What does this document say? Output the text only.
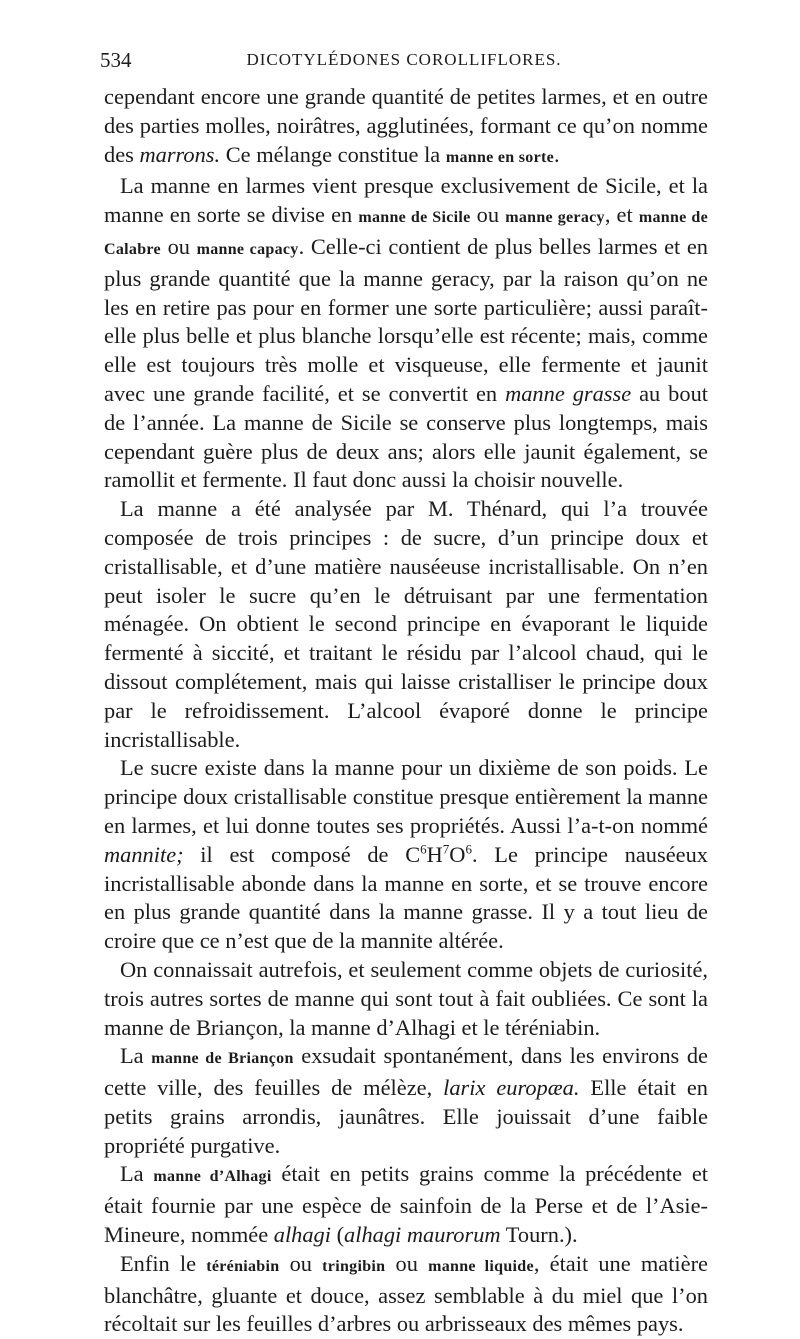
534	DICOTYLÉDONES COROLLIFLORES.

cependant encore une grande quantité de petites larmes, et en outre des parties molles, noirâtres, agglutinées, formant ce qu’on nomme des marrons. Ce mélange constitue la manne en sorte.

La manne en larmes vient presque exclusivement de Sicile, et la manne en sorte se divise en manne de Sicile ou manne geracy, et manne de Calabre ou manne capacy. Celle-ci contient de plus belles larmes et en plus grande quantité que la manne geracy, par la raison qu’on ne les en retire pas pour en former une sorte particulière; aussi paraît-elle plus belle et plus blanche lorsqu’elle est récente; mais, comme elle est toujours très molle et visqueuse, elle fermente et jaunit avec une grande facilité, et se convertit en manne grasse au bout de l’année. La manne de Sicile se conserve plus longtemps, mais cependant guère plus de deux ans; alors elle jaunit également, se ramollit et fermente. Il faut donc aussi la choisir nouvelle.

La manne a été analysée par M. Thénard, qui l’a trouvée composée de trois principes : de sucre, d’un principe doux et cristallisable, et d’une matière nauséeuse incristallisable. On n’en peut isoler le sucre qu’en le détruisant par une fermentation ménagée. On obtient le second principe en évaporant le liquide fermenté à siccité, et traitant le résidu par l’alcool chaud, qui le dissout complétement, mais qui laisse cristalliser le principe doux par le refroidissement. L’alcool évaporé donne le principe incristallisable.

Le sucre existe dans la manne pour un dixième de son poids. Le principe doux cristallisable constitue presque entièrement la manne en larmes, et lui donne toutes ses propriétés. Aussi l’a-t-on nommé mannite; il est composé de $C^6H^7O^6$. Le principe nauséeux incristallisable abonde dans la manne en sorte, et se trouve encore en plus grande quantité dans la manne grasse. Il y a tout lieu de croire que ce n’est que de la mannite altérée.

On connaissait autrefois, et seulement comme objets de curiosité, trois autres sortes de manne qui sont tout à fait oubliées. Ce sont la manne de Briançon, la manne d’Alhagi et le téréniabin.

La manne de Briançon exsudait spontanément, dans les environs de cette ville, des feuilles de mélèze, larix europæa. Elle était en petits grains arrondis, jaunâtres. Elle jouissait d’une faible propriété purgative.

La manne d’Alhagi était en petits grains comme la précédente et était fournie par une espèce de sainfoin de la Perse et de l’Asie-Mineure, nommée alhagi (alhagi maurorum Tourn.).

Enfin le téréniabin ou tringibin ou manne liquide, était une matière blanchâtre, gluante et douce, assez semblable à du miel que l’on récoltait sur les feuilles d’arbres ou arbrisseaux des mêmes pays.
